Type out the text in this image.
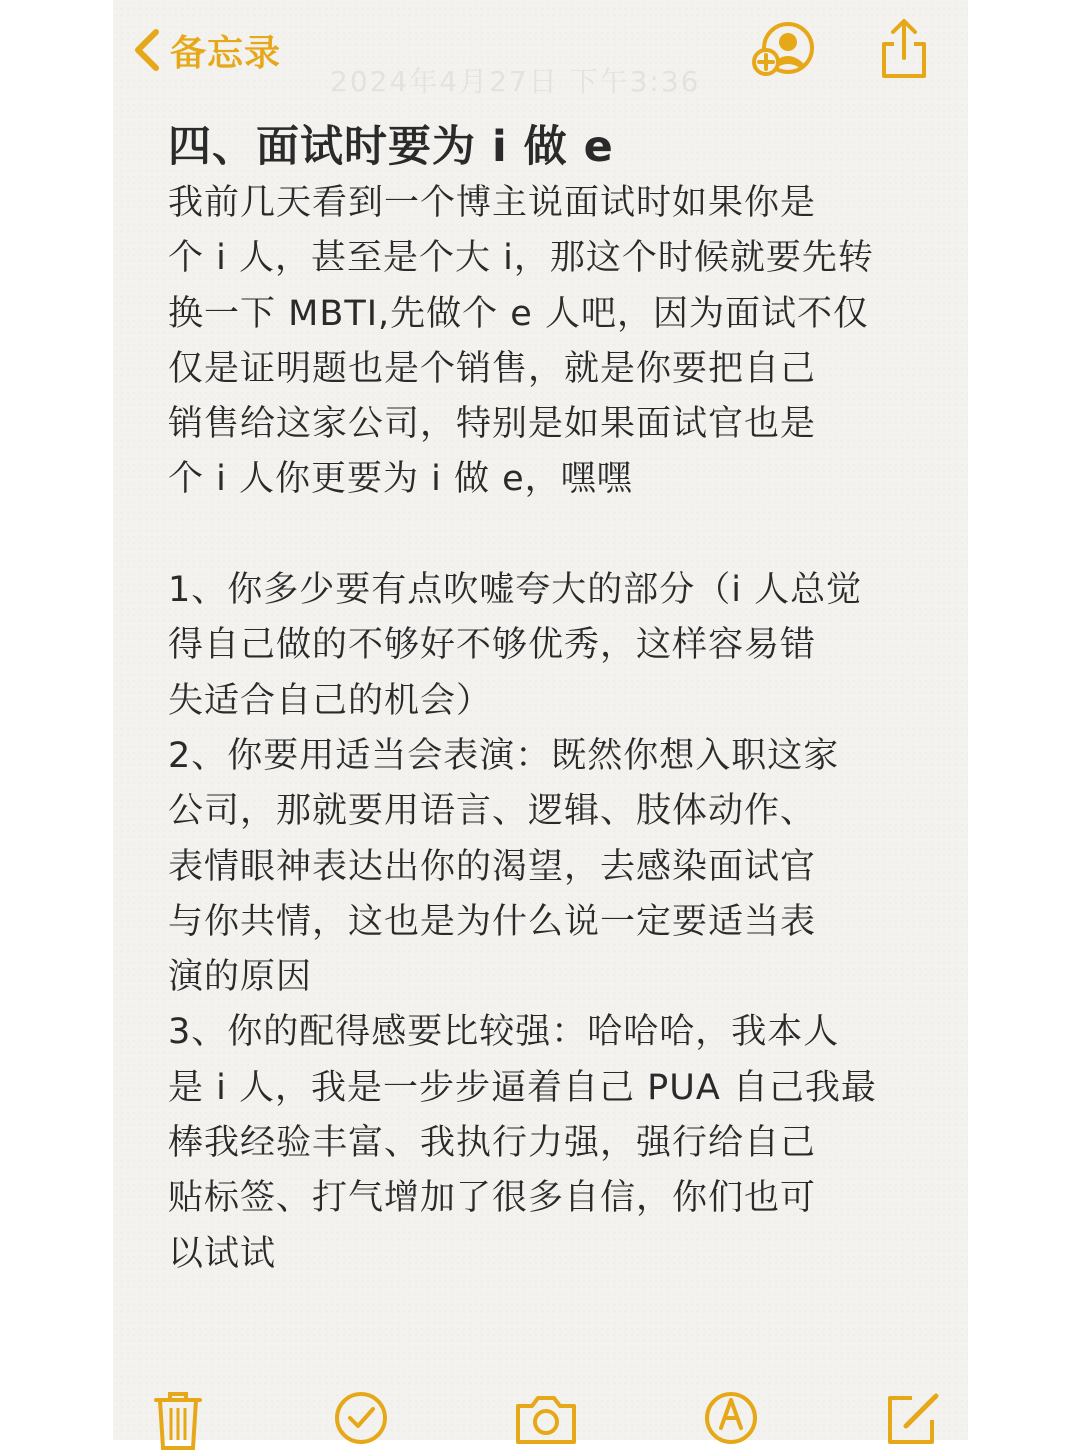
备忘录
2024年4月27日 下午3:36
四、面试时要为 i 做 e
我前几天看到一个博主说面试时如果你是
个 i 人，甚至是个大 i，那这个时候就要先转
换一下 MBTI,先做个 e 人吧，因为面试不仅
仅是证明题也是个销售，就是你要把自己
销售给这家公司，特别是如果面试官也是
个 i 人你更要为 i 做 e，嘿嘿
1、你多少要有点吹嘘夸大的部分（i 人总觉
得自己做的不够好不够优秀，这样容易错
失适合自己的机会）
2、你要用适当会表演：既然你想入职这家
公司，那就要用语言、逻辑、肢体动作、
表情眼神表达出你的渴望，去感染面试官
与你共情，这也是为什么说一定要适当表
演的原因
3、你的配得感要比较强：哈哈哈，我本人
是 i 人，我是一步步逼着自己 PUA 自己我最
棒我经验丰富、我执行力强，强行给自己
贴标签、打气增加了很多自信，你们也可
以试试
